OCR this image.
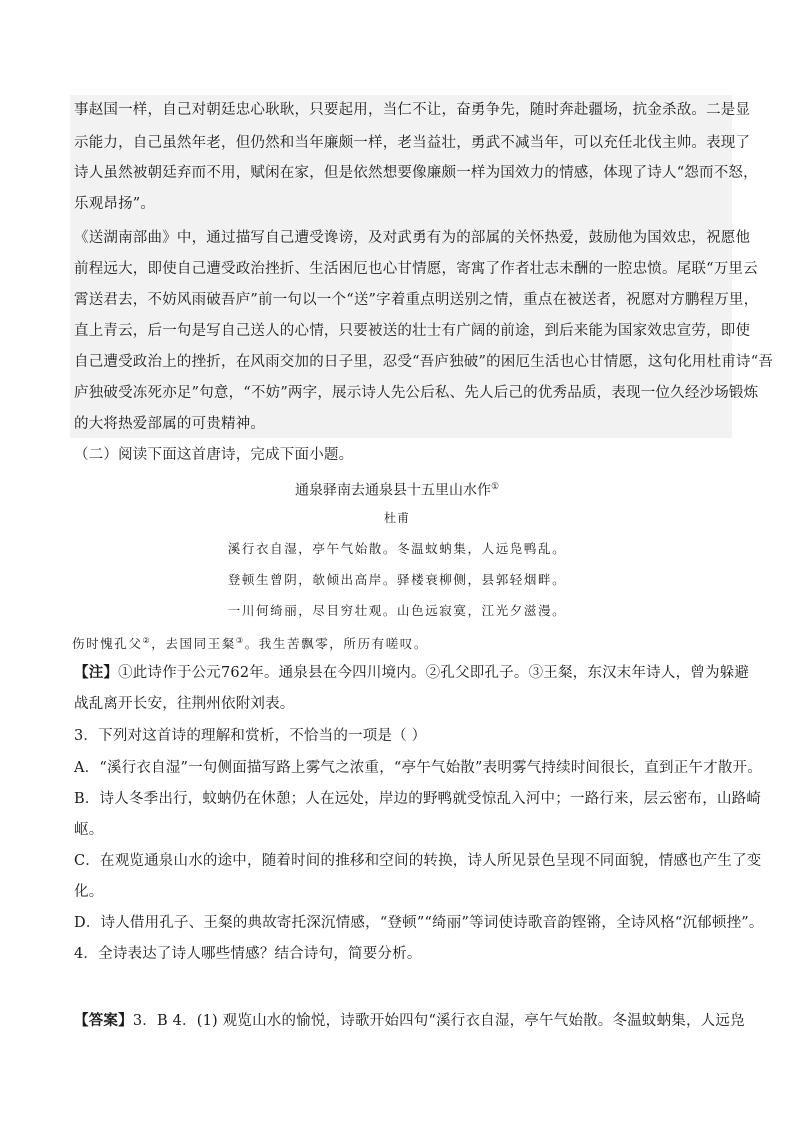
事赵国一样，自己对朝廷忠心耿耿，只要起用，当仁不让，奋勇争先，随时奔赴疆场，抗金杀敌。二是显
示能力，自己虽然年老，但仍然和当年廉颇一样，老当益壮，勇武不减当年，可以充任北伐主帅。表现了
诗人虽然被朝廷弃而不用，赋闲在家，但是依然想要像廉颇一样为国效力的情感，体现了诗人“怨而不怒，
乐观昂扬”。
《送湖南部曲》中，通过描写自己遭受谗谤，及对武勇有为的部属的关怀热爱，鼓励他为国效忠，祝愿他
前程远大，即使自己遭受政治挫折、生活困厄也心甘情愿，寄寓了作者壮志未酬的一腔忠愤。尾联“万里云
霄送君去，不妨风雨破吾庐”前一句以一个“送”字着重点明送别之情，重点在被送者，祝愿对方鹏程万里，
直上青云，后一句是写自己送人的心情，只要被送的壮士有广阔的前途，到后来能为国家效忠宣劳，即使
自己遭受政治上的挫折，在风雨交加的日子里，忍受“吾庐独破”的困厄生活也心甘情愿，这句化用杜甫诗“吾
庐独破受冻死亦足”句意，“不妨”两字，展示诗人先公后私、先人后己的优秀品质，表现一位久经沙场锻炼
的大将热爱部属的可贵精神。
（二）阅读下面这首唐诗，完成下面小题。
通泉驿南去通泉县十五里山水作①
杜甫
溪行衣自湿，亭午气始散。冬温蚊蚋集，人远凫鸭乱。
登顿生曾阴，欹倾出高岸。驿楼衰柳侧，县郭轻烟畔。
一川何绮丽，尽目穷壮观。山色远寂寞，江光夕滋漫。
伤时愧孔父②，去国同王粲③。我生苦飘零，所历有嗟叹。
【注】①此诗作于公元762年。通泉县在今四川境内。②孔父即孔子。③王粲，东汉末年诗人，曾为躲避
战乱离开长安，往荆州依附刘表。
3．下列对这首诗的理解和赏析，不恰当的一项是（ ）
A．“溪行衣自湿”一句侧面描写路上雾气之浓重，“亭午气始散”表明雾气持续时间很长，直到正午才散开。
B．诗人冬季出行，蚊蚋仍在休憩；人在远处，岸边的野鸭就受惊乱入河中；一路行来，层云密布，山路崎
岖。
C．在观览通泉山水的途中，随着时间的推移和空间的转换，诗人所见景色呈现不同面貌，情感也产生了变
化。
D．诗人借用孔子、王粲的典故寄托深沉情感，“登顿”“绮丽”等词使诗歌音韵铿锵，全诗风格“沉郁顿挫”。
4．全诗表达了诗人哪些情感？结合诗句，简要分析。
【答案】3．B 4．(1) 观览山水的愉悦，诗歌开始四句“溪行衣自湿，亭午气始散。冬温蚊蚋集，人远凫
